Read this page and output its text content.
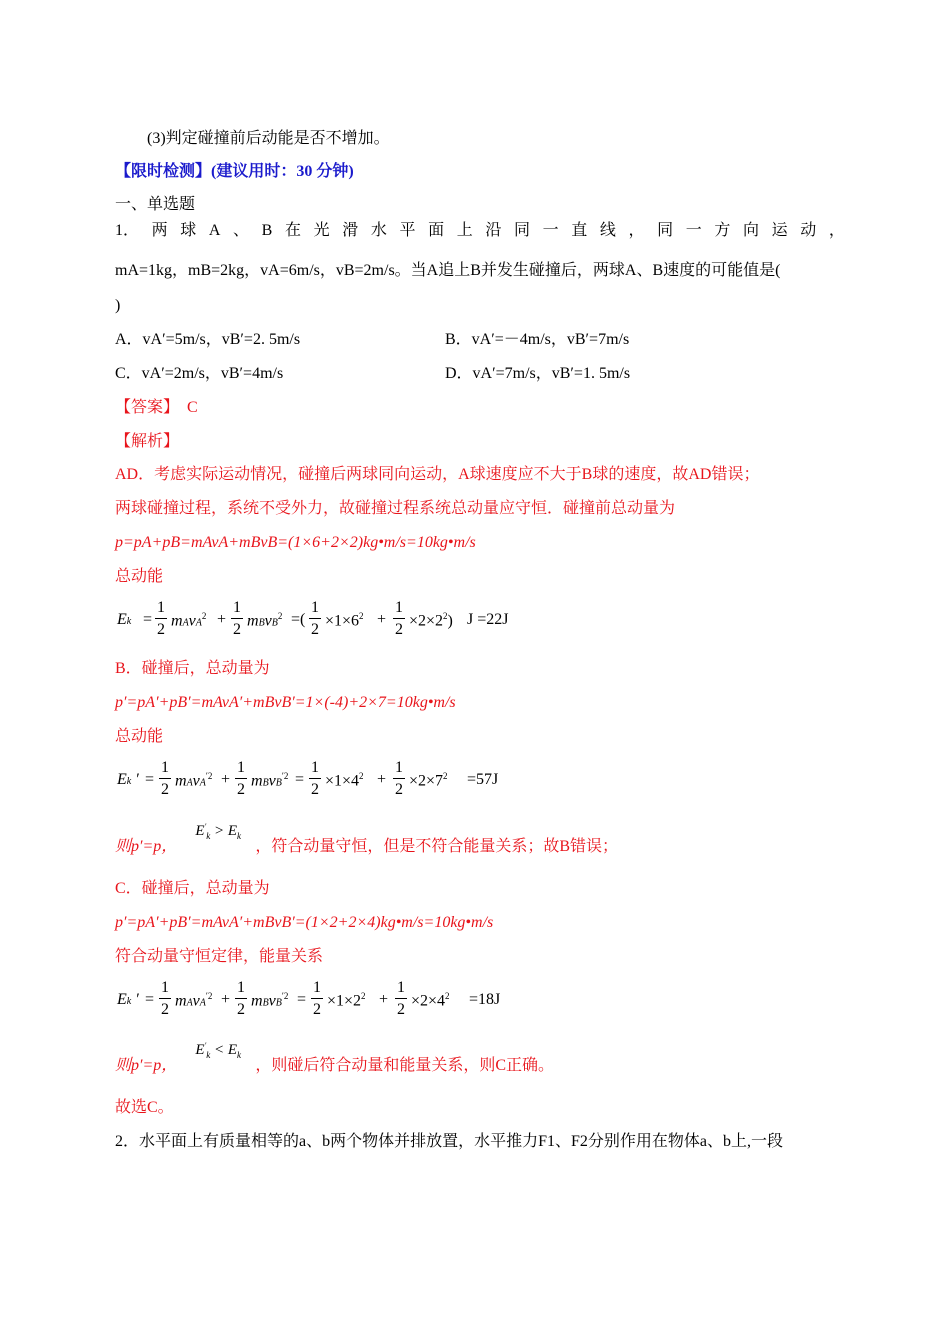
(3)判定碰撞前后动能是否不增加。
【限时检测】(建议用时：30 分钟)
一、单选题
1． 两 球 A 、 B 在 光 滑 水 平 面 上 沿 同 一 直 线 ， 同 一 方 向 运 动 ，
mA=1kg，mB=2kg，vA=6m/s，vB=2m/s。当A追上B并发生碰撞后，两球A、B速度的可能值是(
)
A．vA′=5m/s，vB′=2. 5m/s	B．vA′=－4m/s，vB′=7m/s
C．vA′=2m/s，vB′=4m/s	D．vA′=7m/s，vB′=1. 5m/s
【答案】 C
【解析】
AD．考虑实际运动情况，碰撞后两球同向运动，A球速度应不大于B球的速度，故AD错误；
两球碰撞过程，系统不受外力，故碰撞过程系统总动量应守恒．碰撞前总动量为
p=pA+pB=mAvA+mBvB=(1×6+2×2)kg•m/s=10kg•m/s
总动能
Ek =
1
2
mAvA$^2$ +
1
2
mBvB$^2$ =(
1
2
$\times 1\times 6^2$ +
1
2
$\times 2\times 2^2$) J =22J
B．碰撞后，总动量为
p′=pA′+pB′=mAvA′+mBvB′=1×(-4)+2×7=10kg•m/s
总动能
Ek ′ =
1
2
mAvA$^{'2}$ +
1
2
mBvB$^{'2}$ =
1
2
$\times 1\times 4^2$ +
1
2
$\times 2\times 7^2 =57J$
则p′=p，
$E'_k > E_k$
，符合动量守恒，但是不符合能量关系；故B错误；
C．碰撞后，总动量为
p′=pA′+pB′=mAvA′+mBvB′=(1×2+2×4)kg•m/s=10kg•m/s
符合动量守恒定律，能量关系
Ek ′ =
1
2
mAvA$^{'2}$ +
1
2
mBvB$^{'2}$ =
1
2
$\times 1\times 2^2$ +
1
2
$\times 2\times 4^2 =18J$
则p′=p，
$E'_k < E_k$
，则碰后符合动量和能量关系，则C正确。
故选C。
2．水平面上有质量相等的a、b两个物体并排放置，水平推力F1、F2分别作用在物体a、b上,一段
